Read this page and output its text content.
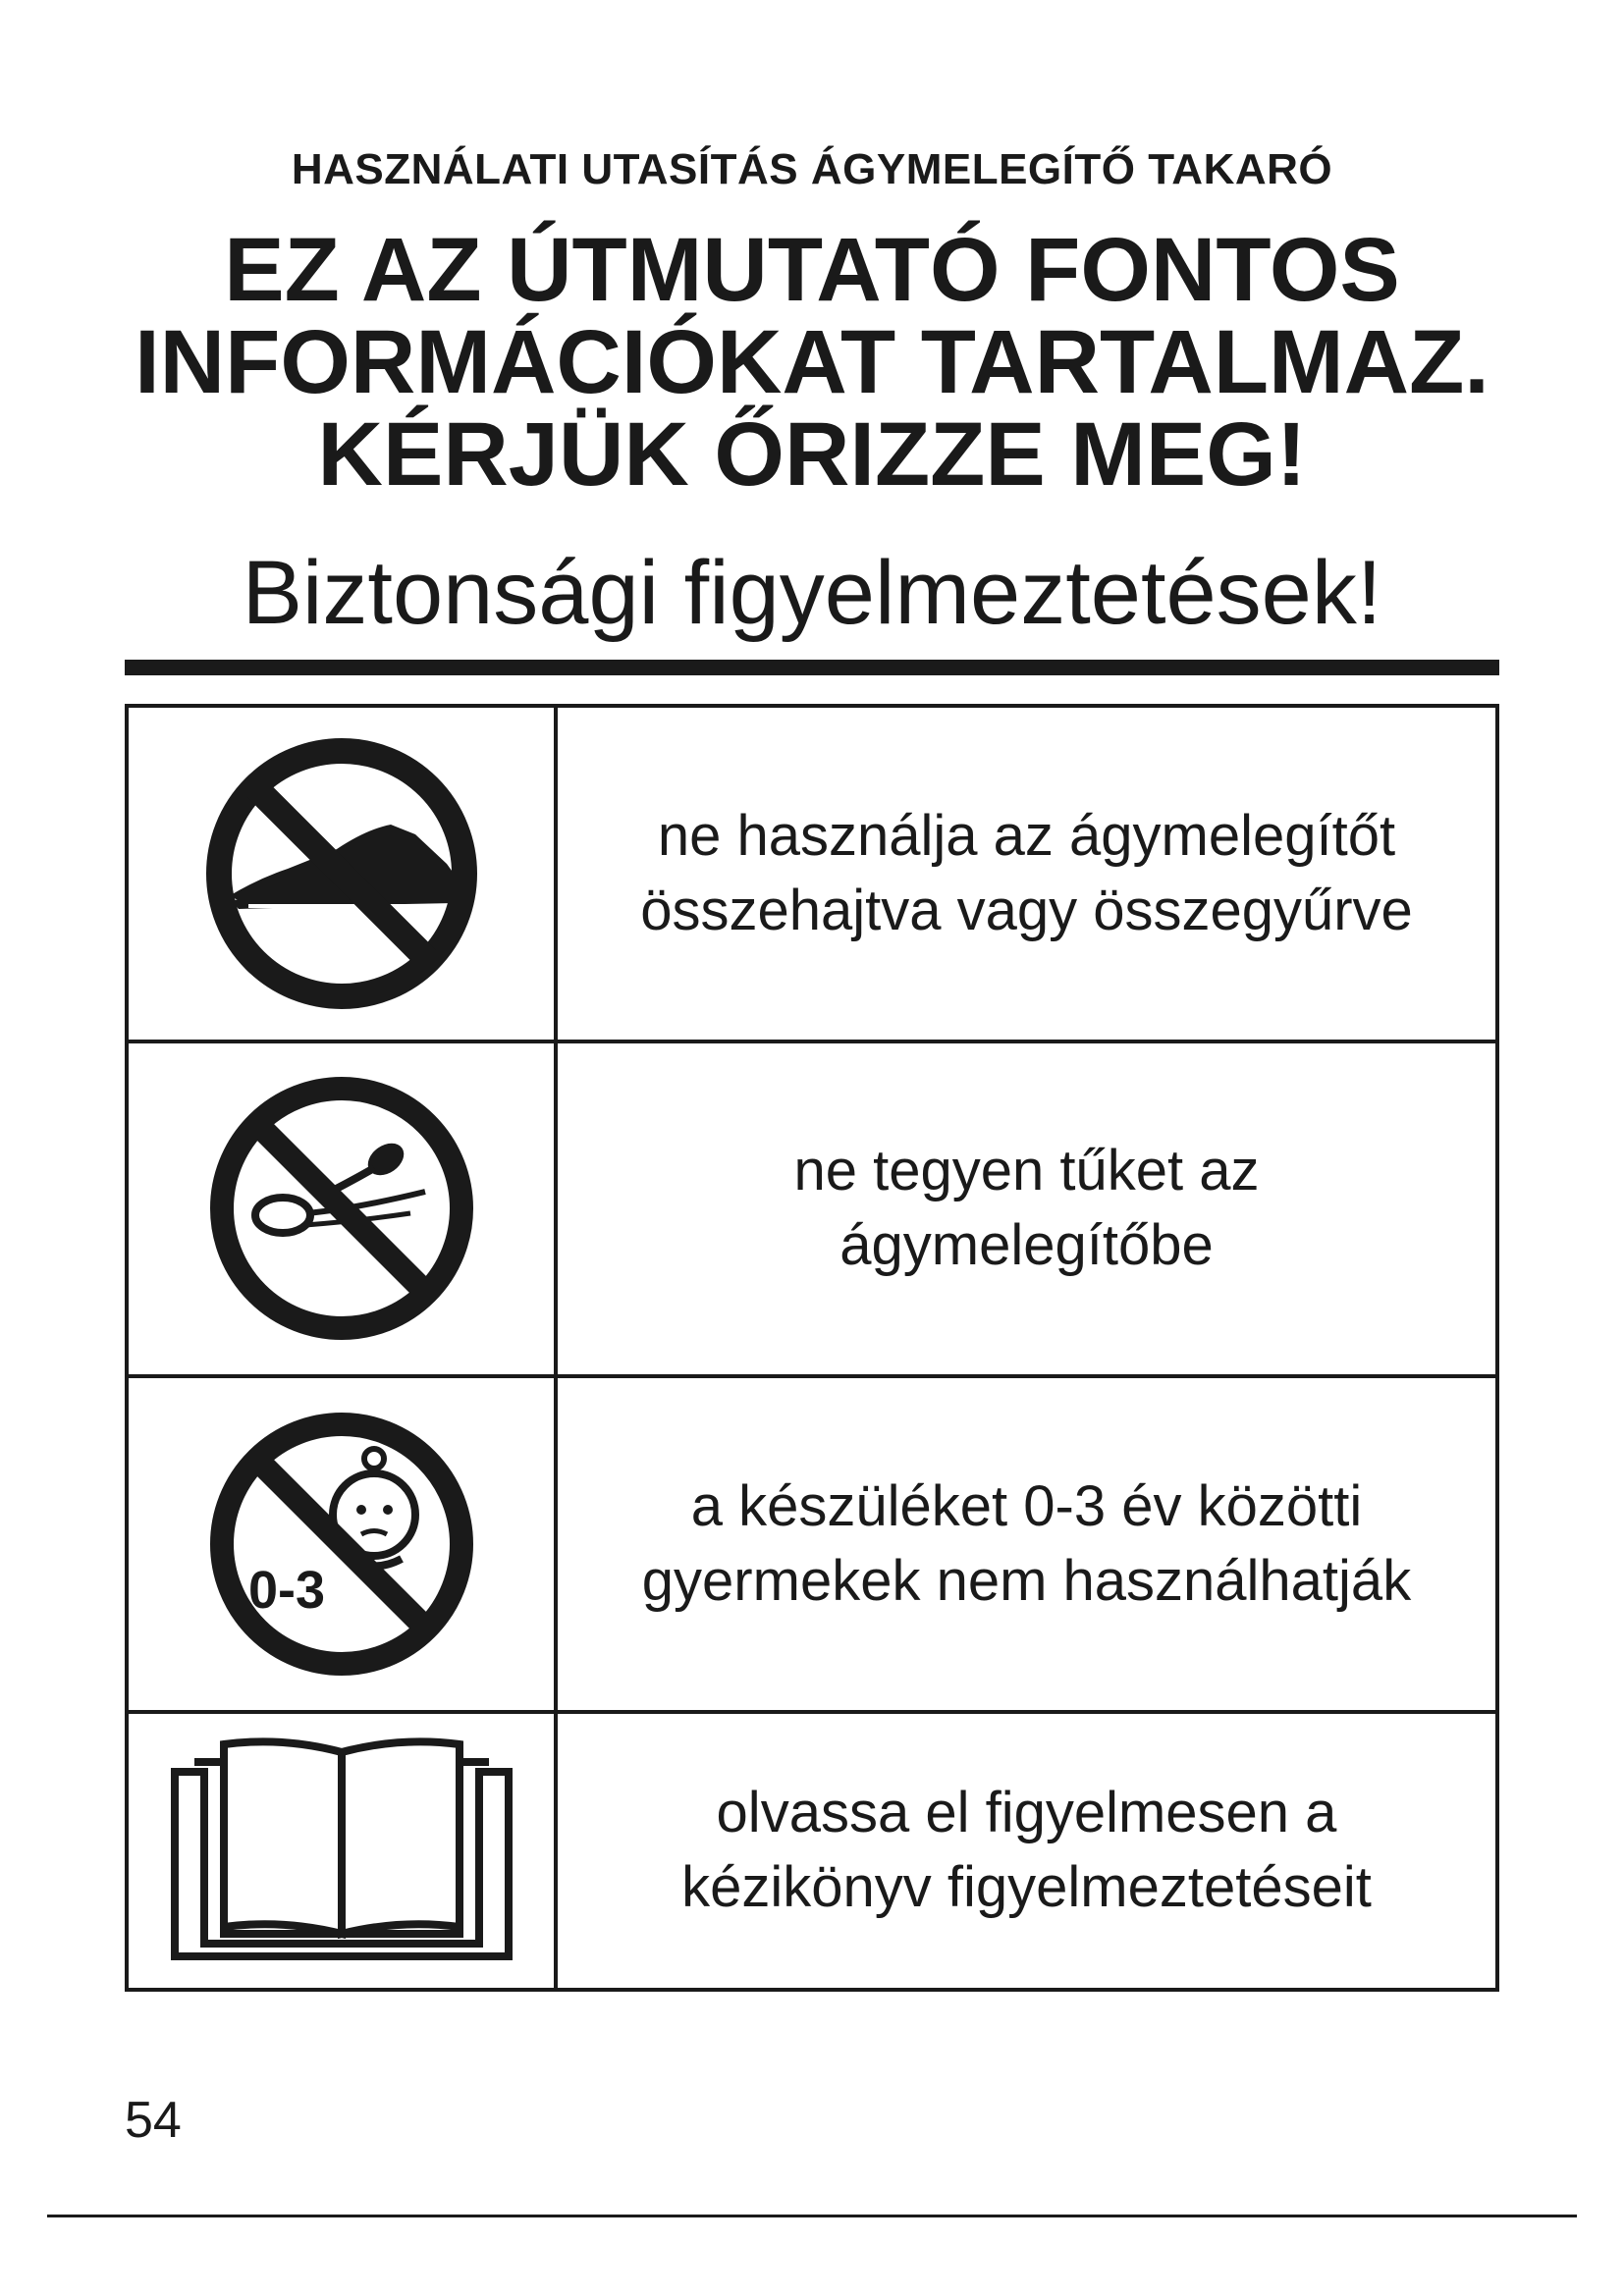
HASZNÁLATI UTASÍTÁS ÁGYMELEGÍTŐ TAKARÓ
EZ AZ ÚTMUTATÓ FONTOS
INFORMÁCIÓKAT TARTALMAZ.
KÉRJÜK ŐRIZZE MEG!
Biztonsági figyelmeztetések!

ne használja az ágymelegítőt
összehajtva vagy összegyűrve

ne tegyen tűket az
ágymelegítőbe

0-3	a készüléket 0-3 év közötti
gyermekek nem használhatják

olvassa el figyelmesen a
kézikönyv figyelmeztetéseit
54
